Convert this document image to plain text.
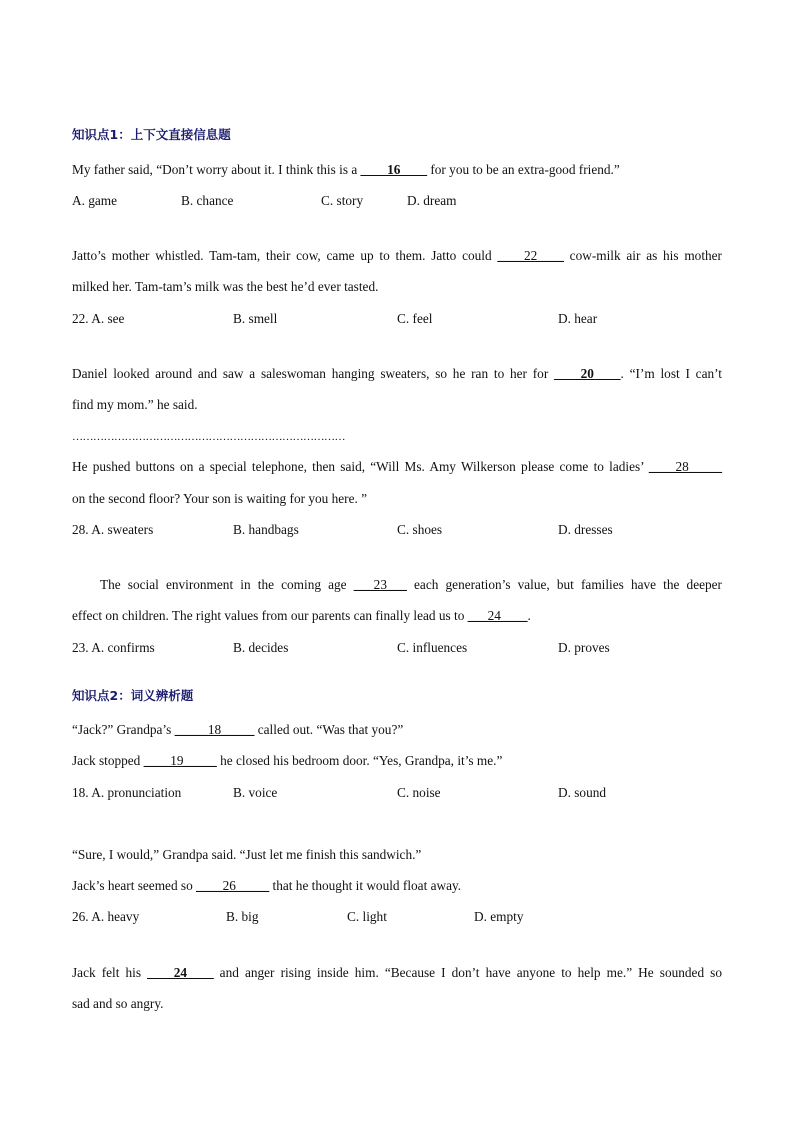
知识点1：上下文直接信息题
My father said, “Don’t worry about it. I think this is a ____16____ for you to be an extra-good friend.”
A. game	B. chance	C. story	D. dream
Jatto’s mother whistled. Tam-tam, their cow, came up to them. Jatto could ____22____ cow-milk air as his mother
milked her. Tam-tam’s milk was the best he’d ever tasted.
22. A. see	B. smell	C. feel	D. hear
Daniel looked around and saw a saleswoman hanging sweaters, so he ran to her for ____20____. “I’m lost I can’t
find my mom.” he said.
……………………………………………………………………
He pushed buttons on a special telephone, then said, “Will Ms. Amy Wilkerson please come to ladies’ ____28_____
on the second floor? Your son is waiting for you here. ”
28. A. sweaters	B. handbags	C. shoes	D. dresses
The social environment in the coming age ___23___ each generation’s value, but families have the deeper
effect on children. The right values from our parents can finally lead us to ___24____.
23. A. confirms	B. decides	C. influences	D. proves
知识点2：词义辨析题
“Jack?” Grandpa’s _____18_____ called out. “Was that you?”
Jack stopped ____19_____ he closed his bedroom door. “Yes, Grandpa, it’s me.”
18. A. pronunciation	B. voice	C. noise	D. sound
“Sure, I would,” Grandpa said. “Just let me finish this sandwich.”
Jack’s heart seemed so ____26_____ that he thought it would float away.
26. A. heavy	B. big	C. light	D. empty
Jack felt his ____24____ and anger rising inside him. “Because I don’t have anyone to help me.” He sounded so
sad and so angry.
